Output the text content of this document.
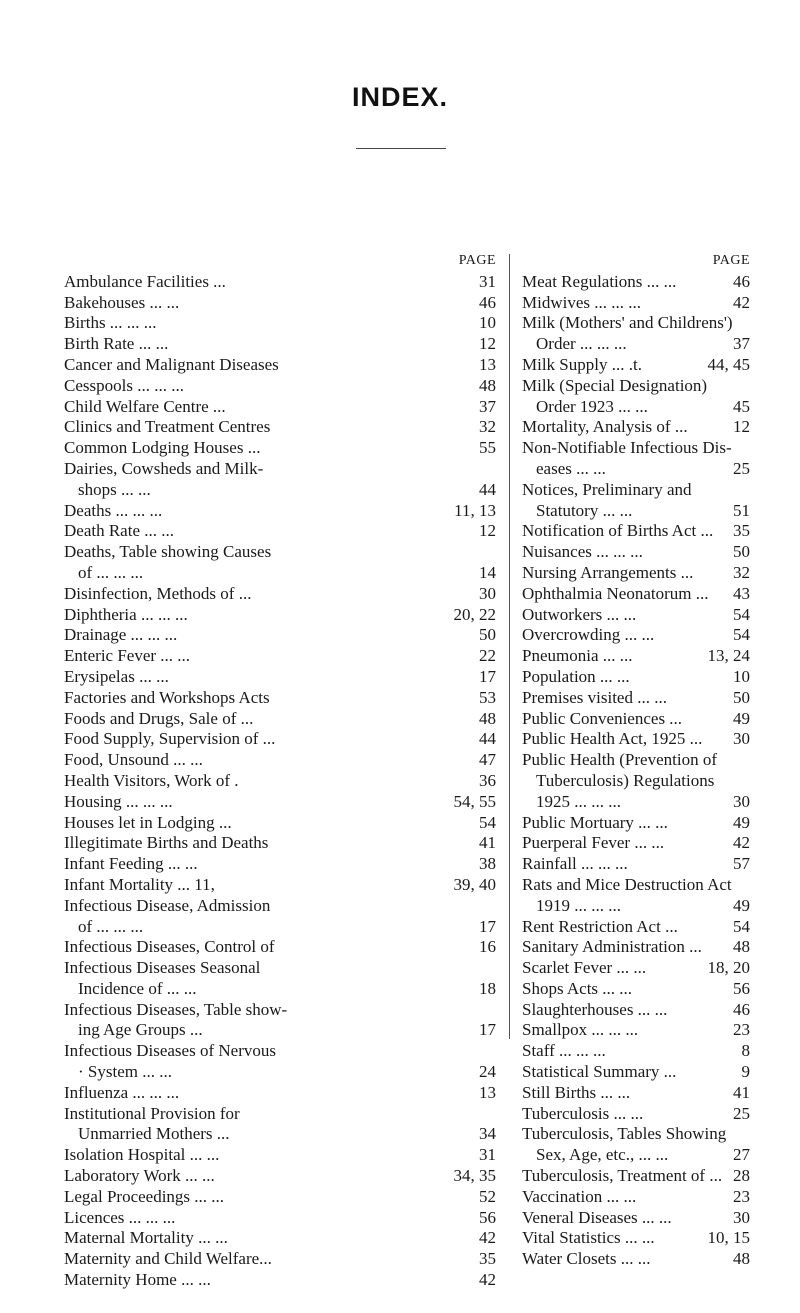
INDEX.
PAGE
Ambulance Facilities ...	31
Bakehouses ... ...	46
Births ... ... ...	10
Birth Rate ... ...	12
Cancer and Malignant Diseases	13
Cesspools ... ... ...	48
Child Welfare Centre ...	37
Clinics and Treatment Centres	32
Common Lodging Houses ...	55
Dairies, Cowsheds and Milk-
shops ... ...	44
Deaths ... ... ...	11, 13
Death Rate ... ...	12
Deaths, Table showing Causes
of ... ... ...	14
Disinfection, Methods of ...	30
Diphtheria ... ... ...	20, 22
Drainage ... ... ...	50
Enteric Fever ... ...	22
Erysipelas ... ...	17
Factories and Workshops Acts	53
Foods and Drugs, Sale of ...	48
Food Supply, Supervision of ...	44
Food, Unsound ... ...	47
Health Visitors, Work of .	36
Housing ... ... ...	54, 55
Houses let in Lodging ...	54
Illegitimate Births and Deaths	41
Infant Feeding ... ...	38
Infant Mortality ... 11,	39, 40
Infectious Disease, Admission
of ... ... ...	17
Infectious Diseases, Control of	16
Infectious Diseases Seasonal
Incidence of ... ...	18
Infectious Diseases, Table show-
ing Age Groups ...	17
Infectious Diseases of Nervous
· System ... ...	24
Influenza ... ... ...	13
Institutional Provision for
Unmarried Mothers ...	34
Isolation Hospital ... ...	31
Laboratory Work ... ...	34, 35
Legal Proceedings ... ...	52
Licences ... ... ...	56
Maternal Mortality ... ...	42
Maternity and Child Welfare...	35
Maternity Home ... ...	42
PAGE
Meat Regulations ... ...	46
Midwives ... ... ...	42
Milk (Mothers' and Childrens')
Order ... ... ...	37
Milk Supply ... .t.	44, 45
Milk (Special Designation)
Order 1923 ... ...	45
Mortality, Analysis of ...	12
Non-Notifiable Infectious Dis-
eases ... ...	25
Notices, Preliminary and
Statutory ... ...	51
Notification of Births Act ... 35
Nuisances ... ... ...	50
Nursing Arrangements ... 32
Ophthalmia Neonatorum ... 43
Outworkers ... ...	54
Overcrowding ... ...	54
Pneumonia ... ...	13, 24
Population ... ...	10
Premises visited ... ...	50
Public Conveniences ...	49
Public Health Act, 1925 ... 30
Public Health (Prevention of
Tuberculosis) Regulations
1925 ... ... ...	30
Public Mortuary ... ...	49
Puerperal Fever ... ...	42
Rainfall ... ... ...	57
Rats and Mice Destruction Act
1919 ... ... ...	49
Rent Restriction Act ...	54
Sanitary Administration ... 48
Scarlet Fever ... ...	18, 20
Shops Acts ... ...	56
Slaughterhouses ... ...	46
Smallpox ... ... ...	23
Staff ... ... ...	8
Statistical Summary ...	9
Still Births ... ...	41
Tuberculosis ... ...	25
Tuberculosis, Tables Showing
Sex, Age, etc., ... ...	27
Tuberculosis, Treatment of ... 28
Vaccination ... ...	23
Veneral Diseases ... ...	30
Vital Statistics ... ...	10, 15
Water Closets ... ...	48
